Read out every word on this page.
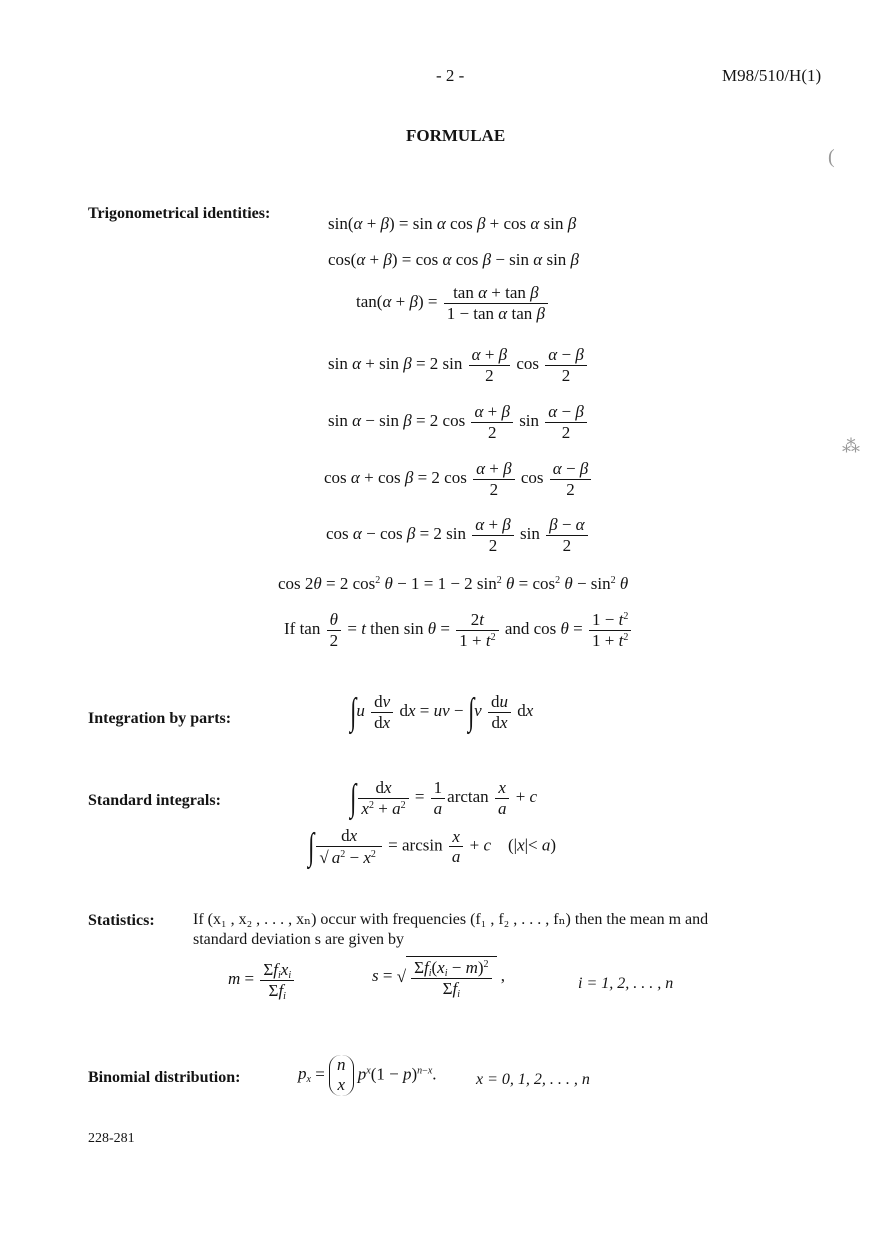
- 2 -	M98/510/H(1)
FORMULAE
Trigonometrical identities:
sin(α + β) = sin α cos β + cos α sin β
cos(α + β) = cos α cos β − sin α sin β
$\tan(\alpha + \beta) = \frac{\text{tan α + tan β}}{\text{1 − tan α tan β}}$
sin α + sin β = 2 $\sin \frac{\alpha + \beta}{2}$ $\cos \frac{\alpha - \beta}{2}$
sin α − sin β = 2 $\cos \frac{\alpha + \beta}{2}$ $\sin \frac{\alpha - \beta}{2}$
cos α + cos β = 2 $\cos \frac{\alpha + \beta}{2}$ $\cos \frac{\alpha - \beta}{2}$
cos α − cos β = 2 $\sin \frac{\alpha + \beta}{2}$ $\sin \frac{\beta - \alpha}{2}$
cos 2θ = 2 $\cos^2 \theta - 1 = 1 - 2$ $\sin^2 \theta = \cos^2 \theta - \sin^2 \theta$
If $\tan \frac{\theta}{2} = t$ then $\sin \theta = \frac{2t}{1 + t^2}$ and $\cos \theta = \frac{1 - t^2}{1 + t^2}$
Integration by parts:	$\int u \frac{dv}{dx}$ dx = uv − $\int v \frac{du}{dx}$ dx
Standard integrals:	∫ $\frac{dx}{x^2 + a^2} = \frac{1}{a}$ $\arctan \frac{x}{a} + c$
∫ $\frac{dx}{√ a^2 - x^2} = \arcsin \frac{x}{a} + c$    (|x|< a)
Statistics: If (x₁ , x₂ , . . . , xₙ) occur with frequencies (f₁ , f₂ , . . . , fₙ) then the mean m and
standard deviation s are given by
$m = \frac{\Sigma f_ix_i}{\Sigma f_i}$	s = √ $\frac{\Sigma f_i(x_i - m)^2}{\Sigma f_i}$ ,	i = 1, 2, . . . , n
Binomial distribution:	$p_x = n$
x
$p^x(1 - p)^{n-x}$. x = 0, 1, 2, . . . , n
228-281
(
⁂
